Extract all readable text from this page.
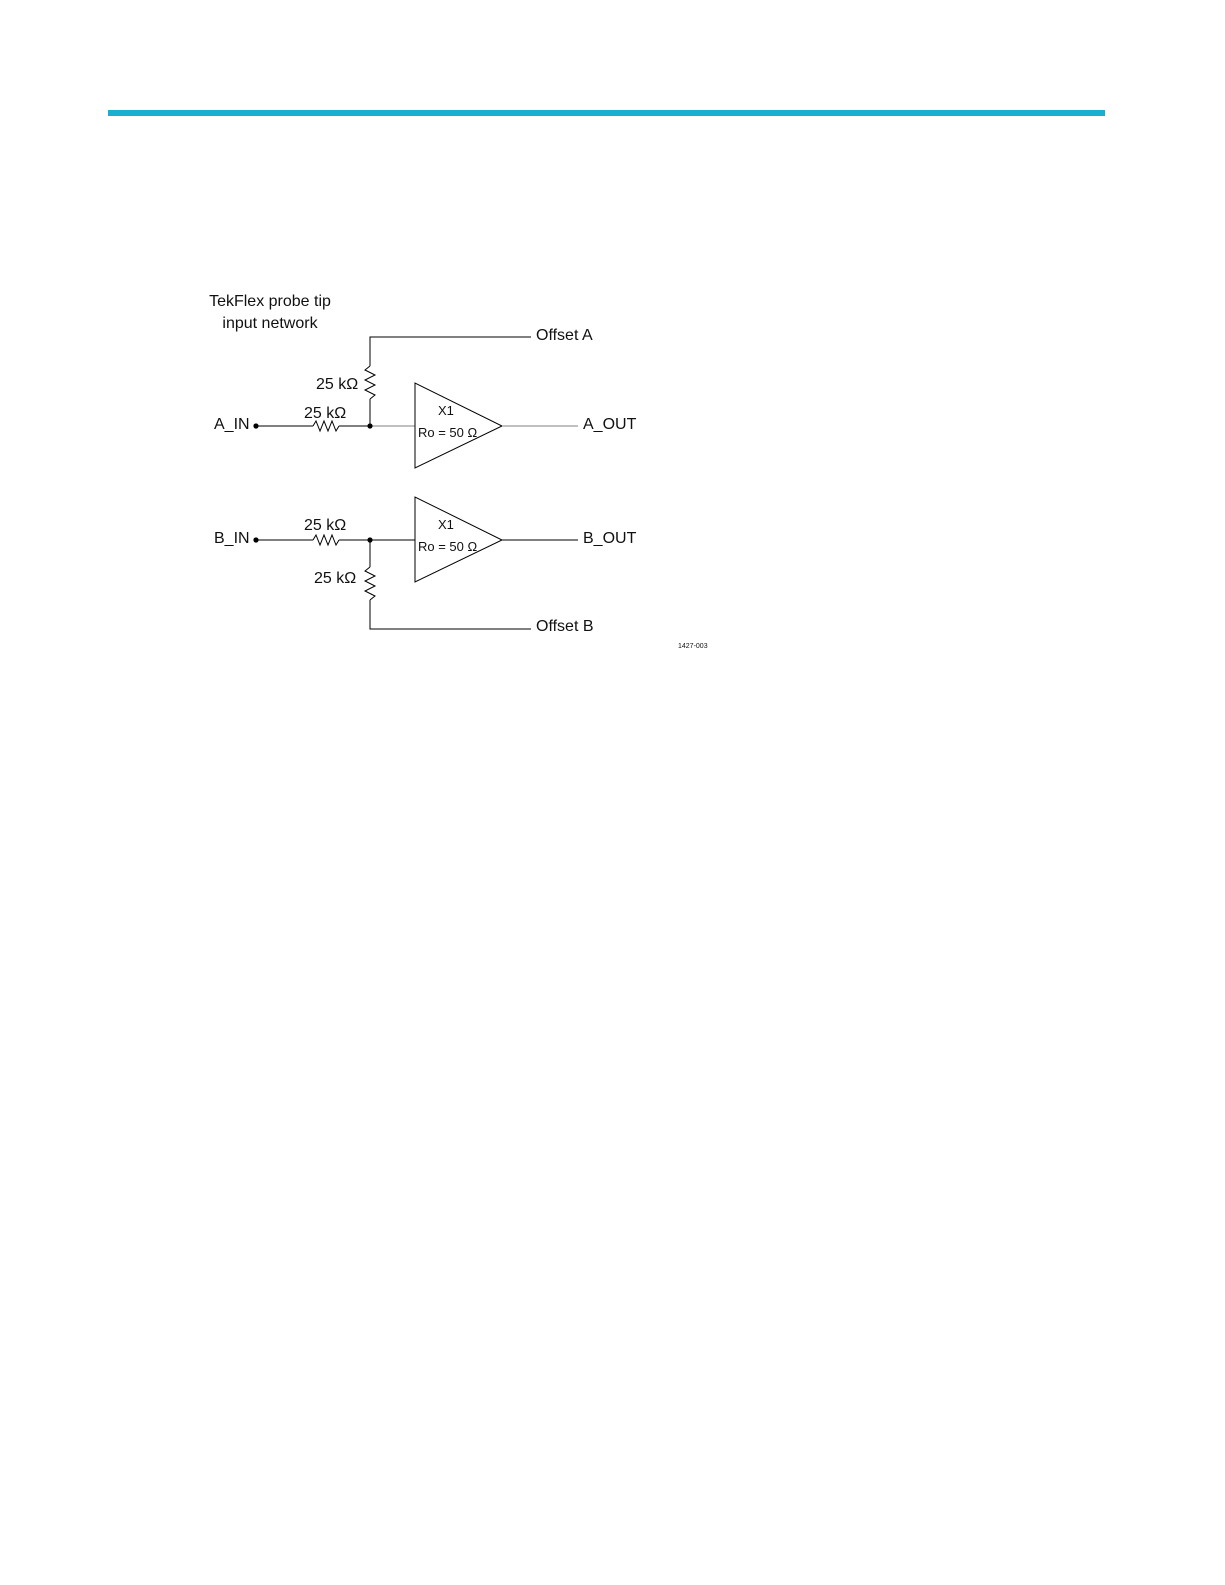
TekFlex probe tip
input network
A_IN	A_OUT
Offset A
25 kΩ
25 kΩ	X1
Ro = 50 Ω
B_IN	B_OUT
Offset B
25 kΩ
25 kΩ
X1
Ro = 50 Ω
1427-003
